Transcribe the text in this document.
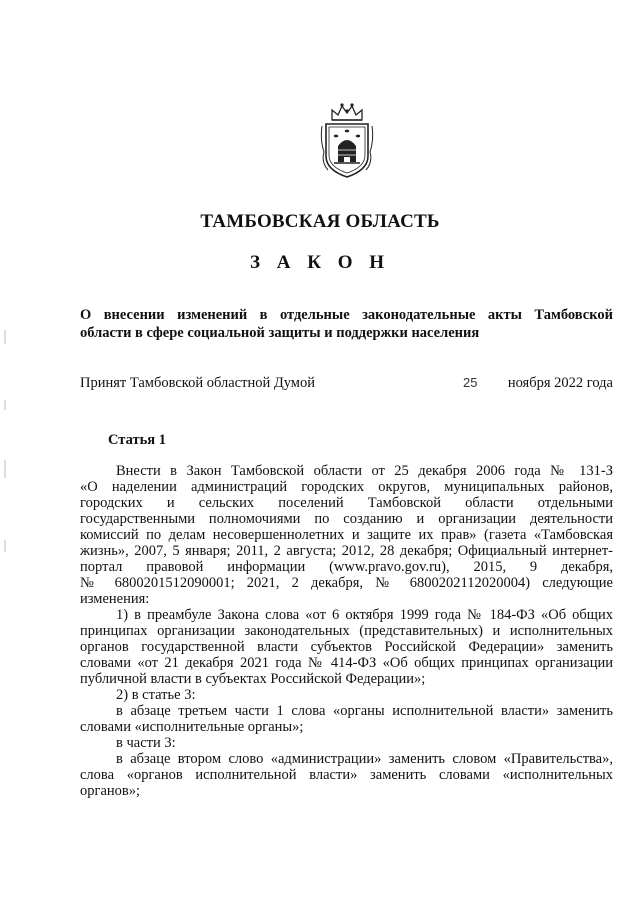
ТАМБОВСКАЯ ОБЛАСТЬ
З А К О Н
О внесении изменений в отдельные законодательные акты Тамбовской
области в сфере социальной защиты и поддержки населения
Принят Тамбовской областной Думой	25 ноября 2022 года
Статья 1
Внести в Закон Тамбовской области от 25 декабря 2006 года № 131-З
«О наделении администраций городских округов, муниципальных районов,
городских и сельских поселений Тамбовской области отдельными
государственными полномочиями по созданию и организации деятельности
комиссий по делам несовершеннолетних и защите их прав» (газета «Тамбовская
жизнь», 2007, 5 января; 2011, 2 августа; 2012, 28 декабря; Официальный интернет-
портал правовой информации (www.pravo.gov.ru), 2015, 9 декабря,
№ 6800201512090001; 2021, 2 декабря, № 6800202112020004) следующие
изменения:
1) в преамбуле Закона слова «от 6 октября 1999 года № 184-ФЗ «Об общих
принципах организации законодательных (представительных) и исполнительных
органов государственной власти субъектов Российской Федерации» заменить
словами «от 21 декабря 2021 года № 414-ФЗ «Об общих принципах организации
публичной власти в субъектах Российской Федерации»;
2) в статье 3:
в абзаце третьем части 1 слова «органы исполнительной власти» заменить
словами «исполнительные органы»;
в части 3:
в абзаце втором слово «администрации» заменить словом «Правительства»,
слова «органов исполнительной власти» заменить словами «исполнительных
органов»;
